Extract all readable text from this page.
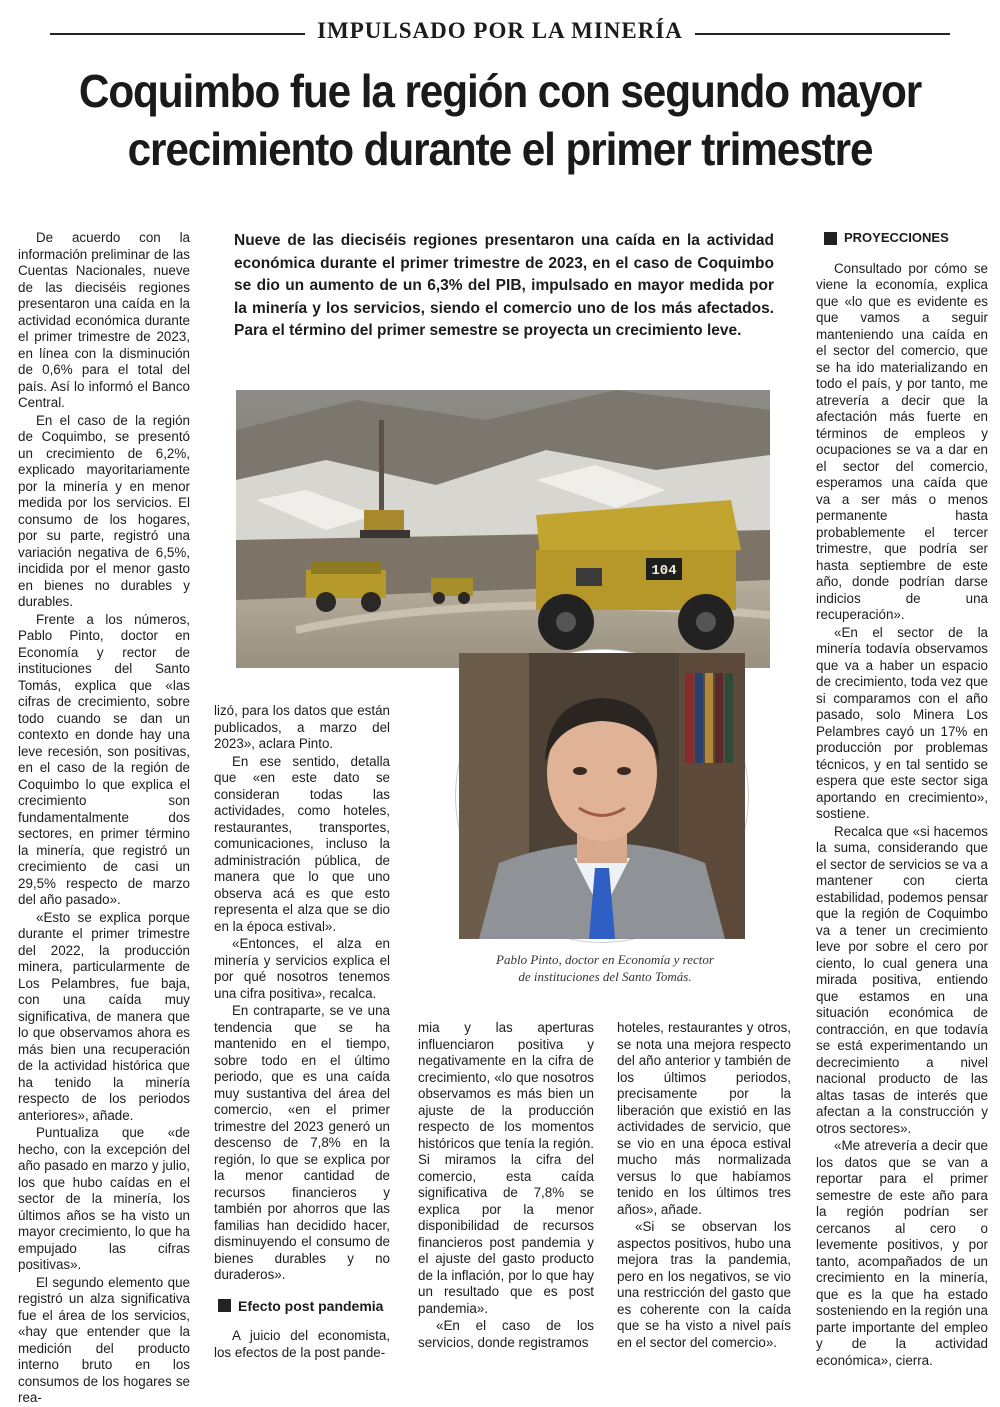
IMPULSADO POR LA MINERÍA
Coquimbo fue la región con segundo mayor
crecimiento durante el primer trimestre

De acuerdo con la información preliminar de las Cuentas Nacionales, nueve de las dieciséis regiones presentaron una caída en la actividad económica durante el primer trimestre de 2023, en línea con la disminución de 0,6% para el total del país. Así lo informó el Banco Central.

En el caso de la región de Coquimbo, se presentó un crecimiento de 6,2%, explicado mayoritariamente por la minería y en menor medida por los servicios. El consumo de los hogares, por su parte, registró una variación negativa de 6,5%, incidida por el menor gasto en bienes no durables y durables.

Frente a los números, Pablo Pinto, doctor en Economía y rector de instituciones del Santo Tomás, explica que «las cifras de crecimiento, sobre todo cuando se dan un contexto en donde hay una leve recesión, son positivas, en el caso de la región de Coquimbo lo que explica el crecimiento son fundamentalmente dos sectores, en primer término la minería, que registró un crecimiento de casi un 29,5% respecto de marzo del año pasado».

«Esto se explica porque durante el primer trimestre del 2022, la producción minera, particularmente de Los Pelambres, fue baja, con una caída muy significativa, de manera que lo que observamos ahora es más bien una recuperación de la actividad histórica que ha tenido la minería respecto de los periodos anteriores», añade.

Puntualiza que «de hecho, con la excepción del año pasado en marzo y julio, los que hubo caídas en el sector de la minería, los últimos años se ha visto un mayor crecimiento, lo que ha empujado las cifras positivas».

El segundo elemento que registró un alza significativa fue el área de los servicios, «hay que entender que la medición del producto interno bruto en los consumos de los hogares se rea-

Nueve de las dieciséis regiones presentaron una caída en la actividad económica durante el primer trimestre de 2023, en el caso de Coquimbo se dio un aumento de un 6,3% del PIB, impulsado en mayor medida por la minería y los servicios, siendo el comercio uno de los más afectados. Para el término del primer semestre se proyecta un crecimiento leve.
104
Pablo Pinto, doctor en Economía y rector
de instituciones del Santo Tomás.

lizó, para los datos que están publicados, a marzo del 2023», aclara Pinto.

En ese sentido, detalla que «en este dato se consideran todas las actividades, como hoteles, restaurantes, transportes, comunicaciones, incluso la administración pública, de manera que lo que uno observa acá es que esto representa el alza que se dio en la época estival».

«Entonces, el alza en minería y servicios explica el por qué nosotros tenemos una cifra positiva», recalca.

En contraparte, se ve una tendencia que se ha mantenido en el tiempo, sobre todo en el último periodo, que es una caída muy sustantiva del área del comercio, «en el primer trimestre del 2023 generó un descenso de 7,8% en la región, lo que se explica por la menor cantidad de recursos financieros y también por ahorros que las familias han decidido hacer, disminuyendo el consumo de bienes durables y no duraderos».

Efecto post pandemia

A juicio del economista, los efectos de la post pande-

mia y las aperturas influenciaron positiva y negativamente en la cifra de crecimiento, «lo que nosotros observamos es más bien un ajuste de la producción respecto de los momentos históricos que tenía la región. Si miramos la cifra del comercio, esta caída significativa de 7,8% se explica por la menor disponibilidad de recursos financieros post pandemia y el ajuste del gasto producto de la inflación, por lo que hay un resultado que es post pandemia».

«En el caso de los servicios, donde registramos

hoteles, restaurantes y otros, se nota una mejora respecto del año anterior y también de los últimos periodos, precisamente por la liberación que existió en las actividades de servicio, que se vio en una época estival mucho más normalizada versus lo que habíamos tenido en los últimos tres años», añade.

«Si se observan los aspectos positivos, hubo una mejora tras la pandemia, pero en los negativos, se vio una restricción del gasto que es coherente con la caída que se ha visto a nivel país en el sector del comercio».

PROYECCIONES

Consultado por cómo se viene la economía, explica que «lo que es evidente es que vamos a seguir manteniendo una caída en el sector del comercio, que se ha ido materializando en todo el país, y por tanto, me atrevería a decir que la afectación más fuerte en términos de empleos y ocupaciones se va a dar en el sector del comercio, esperamos una caída que va a ser más o menos permanente hasta probablemente el tercer trimestre, que podría ser hasta septiembre de este año, donde podrían darse indicios de una recuperación».

«En el sector de la minería todavía observamos que va a haber un espacio de crecimiento, toda vez que si comparamos con el año pasado, solo Minera Los Pelambres cayó un 17% en producción por problemas técnicos, y en tal sentido se espera que este sector siga aportando en crecimiento», sostiene.

Recalca que «si hacemos la suma, considerando que el sector de servicios se va a mantener con cierta estabilidad, podemos pensar que la región de Coquimbo va a tener un crecimiento leve por sobre el cero por ciento, lo cual genera una mirada positiva, entiendo que estamos en una situación económica de contracción, en que todavía se está experimentando un decrecimiento a nivel nacional producto de las altas tasas de interés que afectan a la construcción y otros sectores».

«Me atrevería a decir que los datos que se van a reportar para el primer semestre de este año para la región podrían ser cercanos al cero o levemente positivos, y por tanto, acompañados de un crecimiento en la minería, que es la que ha estado sosteniendo en la región una parte importante del empleo y de la actividad económica», cierra.
